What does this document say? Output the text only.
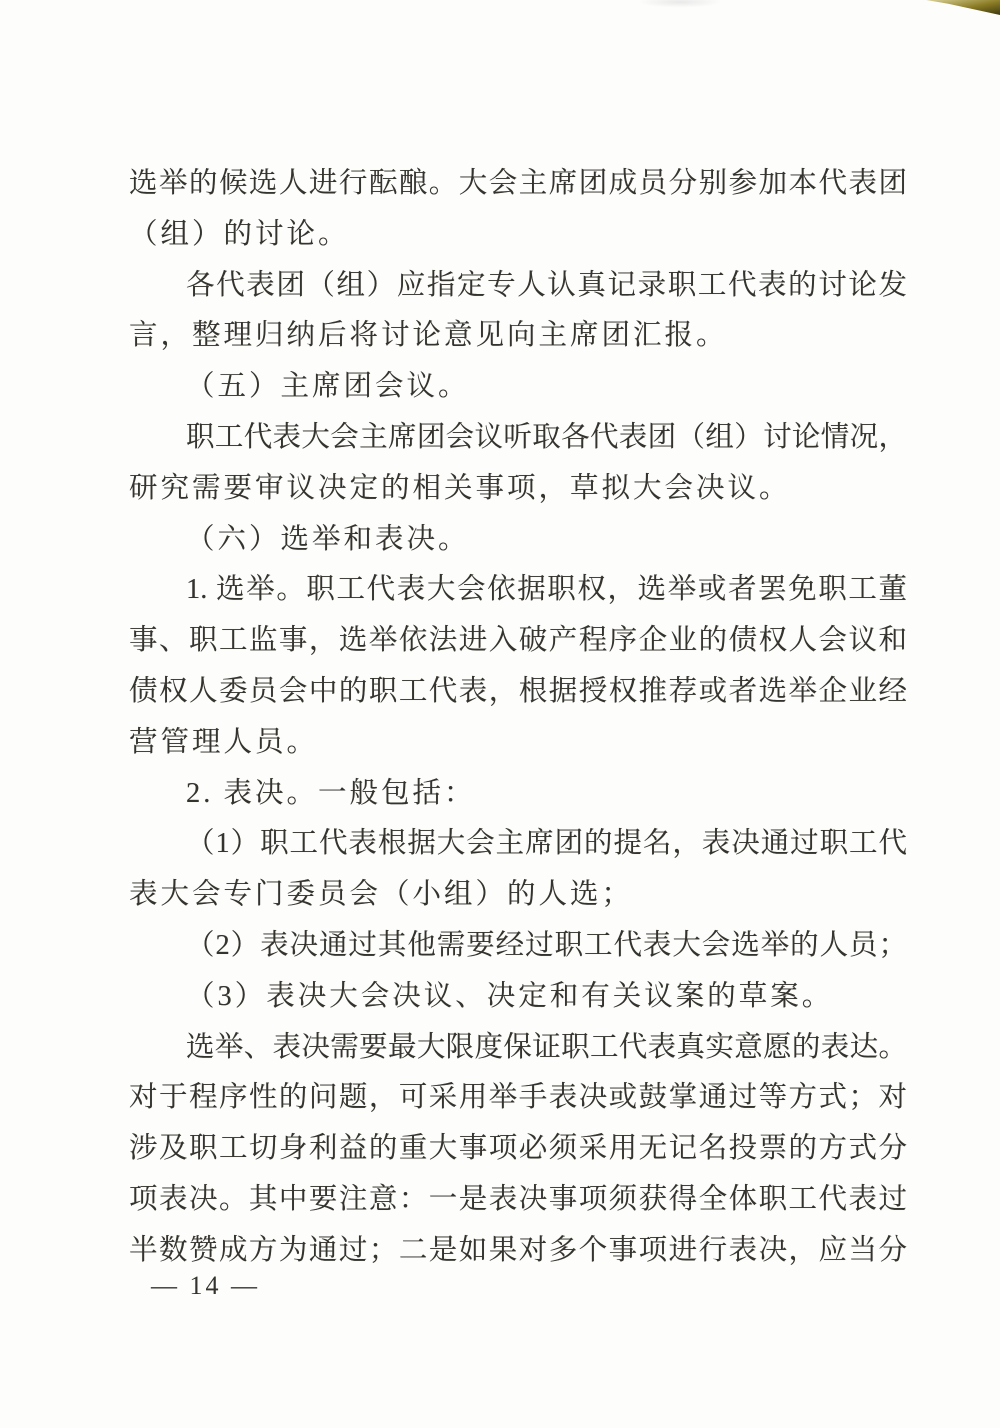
选举的候选人进行酝酿。大会主席团成员分别参加本代表团
（组）的讨论。
各代表团（组）应指定专人认真记录职工代表的讨论发
言，整理归纳后将讨论意见向主席团汇报。
（五）主席团会议。
职工代表大会主席团会议听取各代表团（组）讨论情况，
研究需要审议决定的相关事项，草拟大会决议。
（六）选举和表决。
1. 选举。职工代表大会依据职权，选举或者罢免职工董
事、职工监事，选举依法进入破产程序企业的债权人会议和
债权人委员会中的职工代表，根据授权推荐或者选举企业经
营管理人员。
2. 表决。一般包括：
（1）职工代表根据大会主席团的提名，表决通过职工代
表大会专门委员会（小组）的人选；
（2）表决通过其他需要经过职工代表大会选举的人员；
（3）表决大会决议、决定和有关议案的草案。
选举、表决需要最大限度保证职工代表真实意愿的表达。
对于程序性的问题，可采用举手表决或鼓掌通过等方式；对
涉及职工切身利益的重大事项必须采用无记名投票的方式分
项表决。其中要注意：一是表决事项须获得全体职工代表过
半数赞成方为通过；二是如果对多个事项进行表决，应当分
— 14 —
